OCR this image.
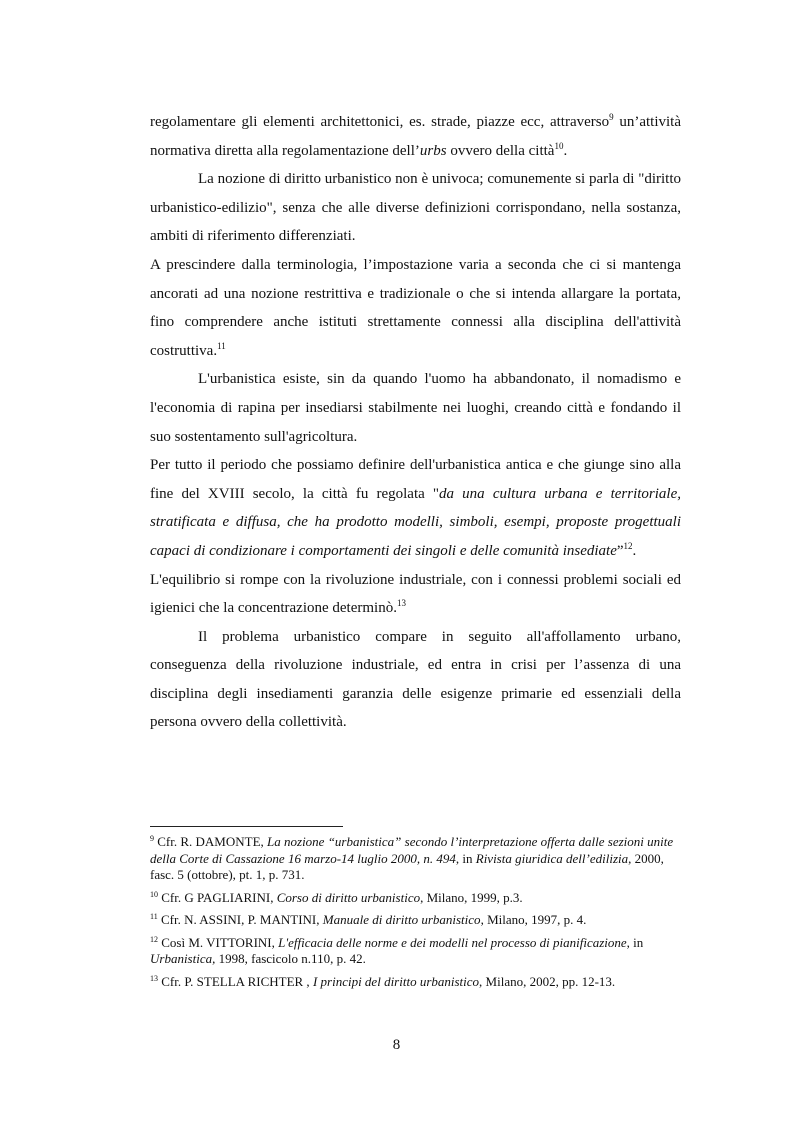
regolamentare gli elementi architettonici, es. strade, piazze ecc, attraverso$^9$ un’attività normativa diretta alla regolamentazione dell’urbs ovvero della città$^{10}$.

La nozione di diritto urbanistico non è univoca; comunemente si parla di "diritto urbanistico-edilizio", senza che alle diverse definizioni corrispondano, nella sostanza, ambiti di riferimento differenziati.

A prescindere dalla terminologia, l’impostazione varia a seconda che ci si mantenga ancorati ad una nozione restrittiva e tradizionale o che si intenda allargare la portata, fino comprendere anche istituti strettamente connessi alla disciplina dell'attività costruttiva.$^{11}$

L'urbanistica esiste, sin da quando l'uomo ha abbandonato, il nomadismo e l'economia di rapina per insediarsi stabilmente nei luoghi, creando città e fondando il suo sostentamento sull'agricoltura.

Per tutto il periodo che possiamo definire dell'urbanistica antica e che giunge sino alla fine del XVIII secolo, la città fu regolata "da una cultura urbana e territoriale, stratificata e diffusa, che ha prodotto modelli, simboli, esempi, proposte progettuali capaci di condizionare i comportamenti dei singoli e delle comunità insediate”$^{12}$.

L'equilibrio si rompe con la rivoluzione industriale, con i connessi problemi sociali ed igienici che la concentrazione determinò.$^{13}$

Il problema urbanistico compare in seguito all'affollamento urbano, conseguenza della rivoluzione industriale, ed entra in crisi per l’assenza di una disciplina degli insediamenti garanzia delle esigenze primarie ed essenziali della persona ovvero della collettività.

$^9$ Cfr. R. DAMONTE, La nozione “urbanistica” secondo l’interpretazione offerta dalle sezioni unite della Corte di Cassazione 16 marzo-14 luglio 2000, n. 494, in Rivista giuridica dell’edilizia, 2000, fasc. 5 (ottobre), pt. 1, p. 731.
$^{10}$ Cfr. G PAGLIARINI, Corso di diritto urbanistico, Milano, 1999, p.3.
$^{11}$ Cfr. N. ASSINI, P. MANTINI, Manuale di diritto urbanistico, Milano, 1997, p. 4.
$^{12}$ Così M. VITTORINI, L'efficacia delle norme e dei modelli nel processo di pianificazione, in Urbanistica, 1998, fascicolo n.110, p. 42.
$^{13}$ Cfr. P. STELLA RICHTER , I principi del diritto urbanistico, Milano, 2002, pp. 12-13.
8
